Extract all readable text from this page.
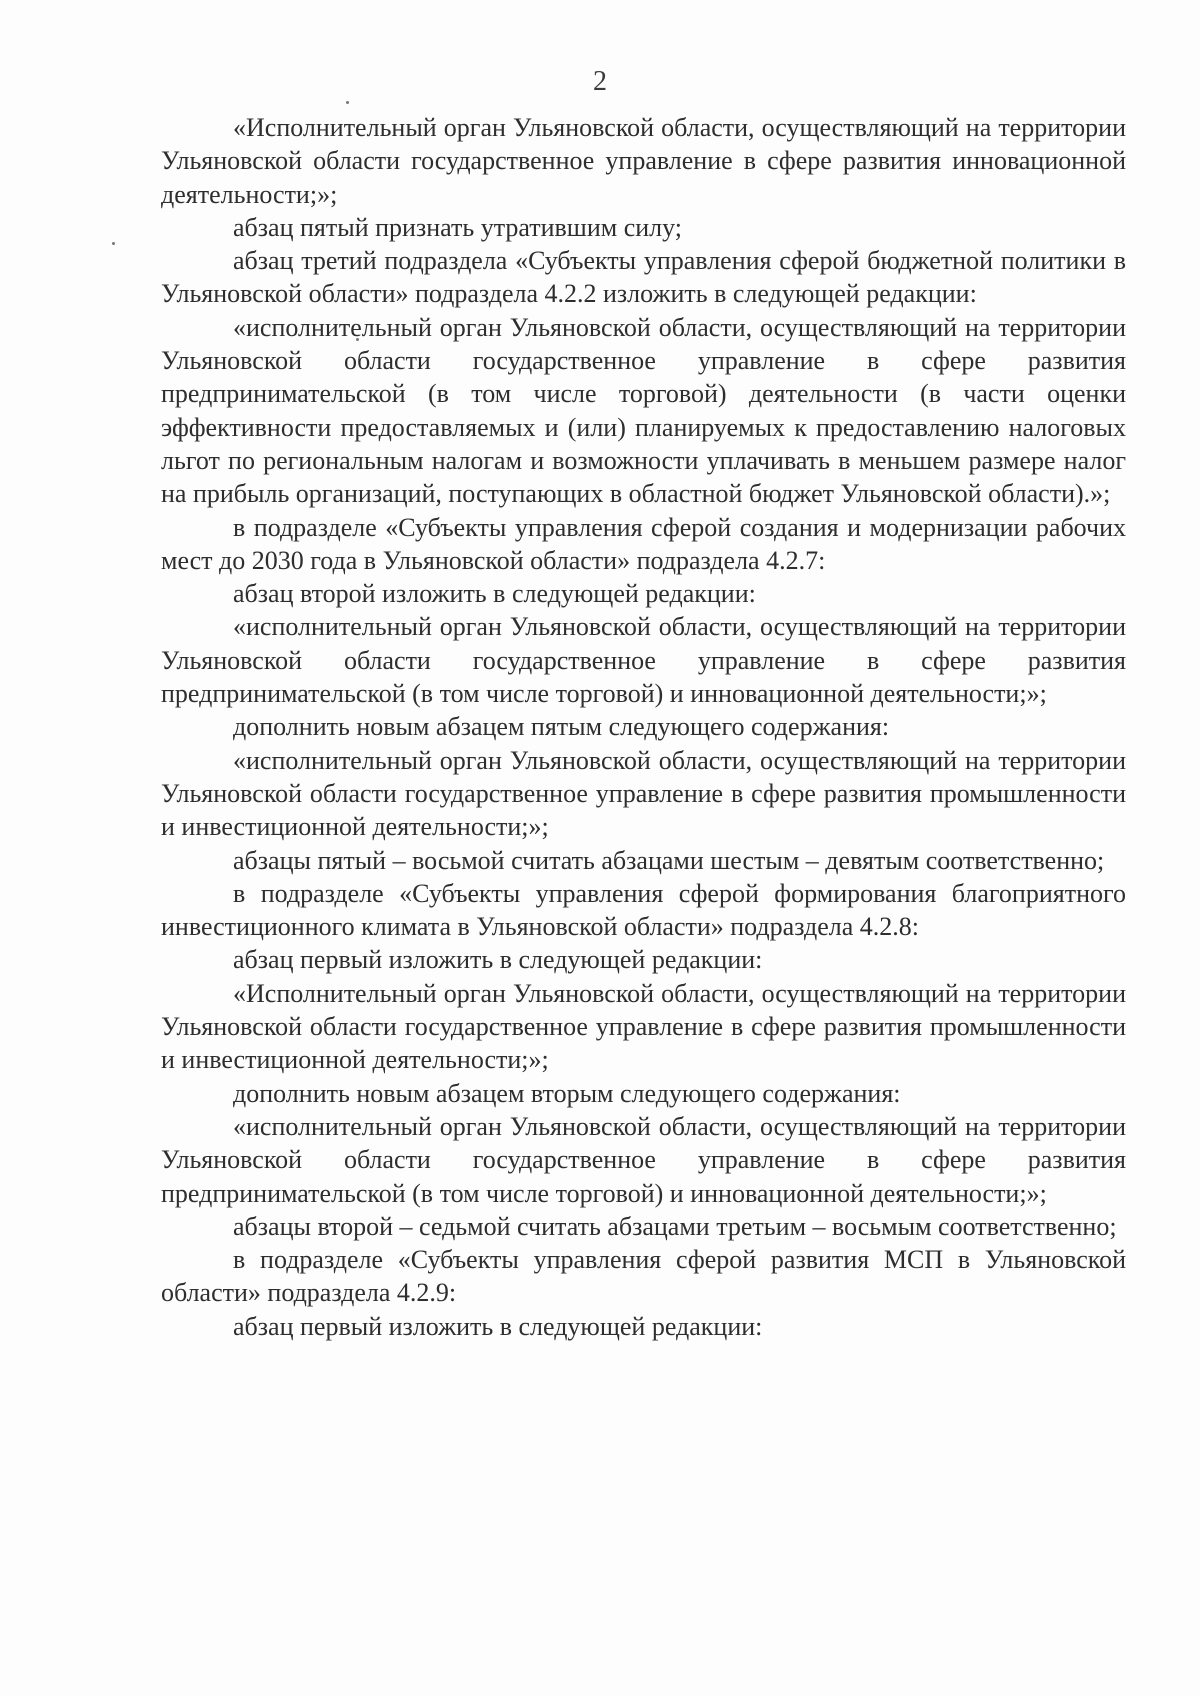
2

«Исполнительный орган Ульяновской области, осуществляющий на территории Ульяновской области государственное управление в сфере развития инновационной деятельности;»;

абзац пятый признать утратившим силу;

абзац третий подраздела «Субъекты управления сферой бюджетной политики в Ульяновской области» подраздела 4.2.2 изложить в следующей редакции:

«исполнительный орган Ульяновской области, осуществляющий на территории Ульяновской области государственное управление в сфере развития предпринимательской (в том числе торговой) деятельности (в части оценки эффективности предоставляемых и (или) планируемых к предоставлению налоговых льгот по региональным налогам и возможности уплачивать в меньшем размере налог на прибыль организаций, поступающих в областной бюджет Ульяновской области).»;

в подразделе «Субъекты управления сферой создания и модернизации рабочих мест до 2030 года в Ульяновской области» подраздела 4.2.7:

абзац второй изложить в следующей редакции:

«исполнительный орган Ульяновской области, осуществляющий на территории Ульяновской области государственное управление в сфере развития предпринимательской (в том числе торговой) и инновационной деятельности;»;

дополнить новым абзацем пятым следующего содержания:

«исполнительный орган Ульяновской области, осуществляющий на территории Ульяновской области государственное управление в сфере развития промышленности и инвестиционной деятельности;»;

абзацы пятый – восьмой считать абзацами шестым – девятым соответственно;

в подразделе «Субъекты управления сферой формирования благоприятного инвестиционного климата в Ульяновской области» подраздела 4.2.8:

абзац первый изложить в следующей редакции:

«Исполнительный орган Ульяновской области, осуществляющий на территории Ульяновской области государственное управление в сфере развития промышленности и инвестиционной деятельности;»;

дополнить новым абзацем вторым следующего содержания:

«исполнительный орган Ульяновской области, осуществляющий на территории Ульяновской области государственное управление в сфере развития предпринимательской (в том числе торговой) и инновационной деятельности;»;

абзацы второй – седьмой считать абзацами третьим – восьмым соответственно;

в подразделе «Субъекты управления сферой развития МСП в Ульяновской области» подраздела 4.2.9:

абзац первый изложить в следующей редакции:
